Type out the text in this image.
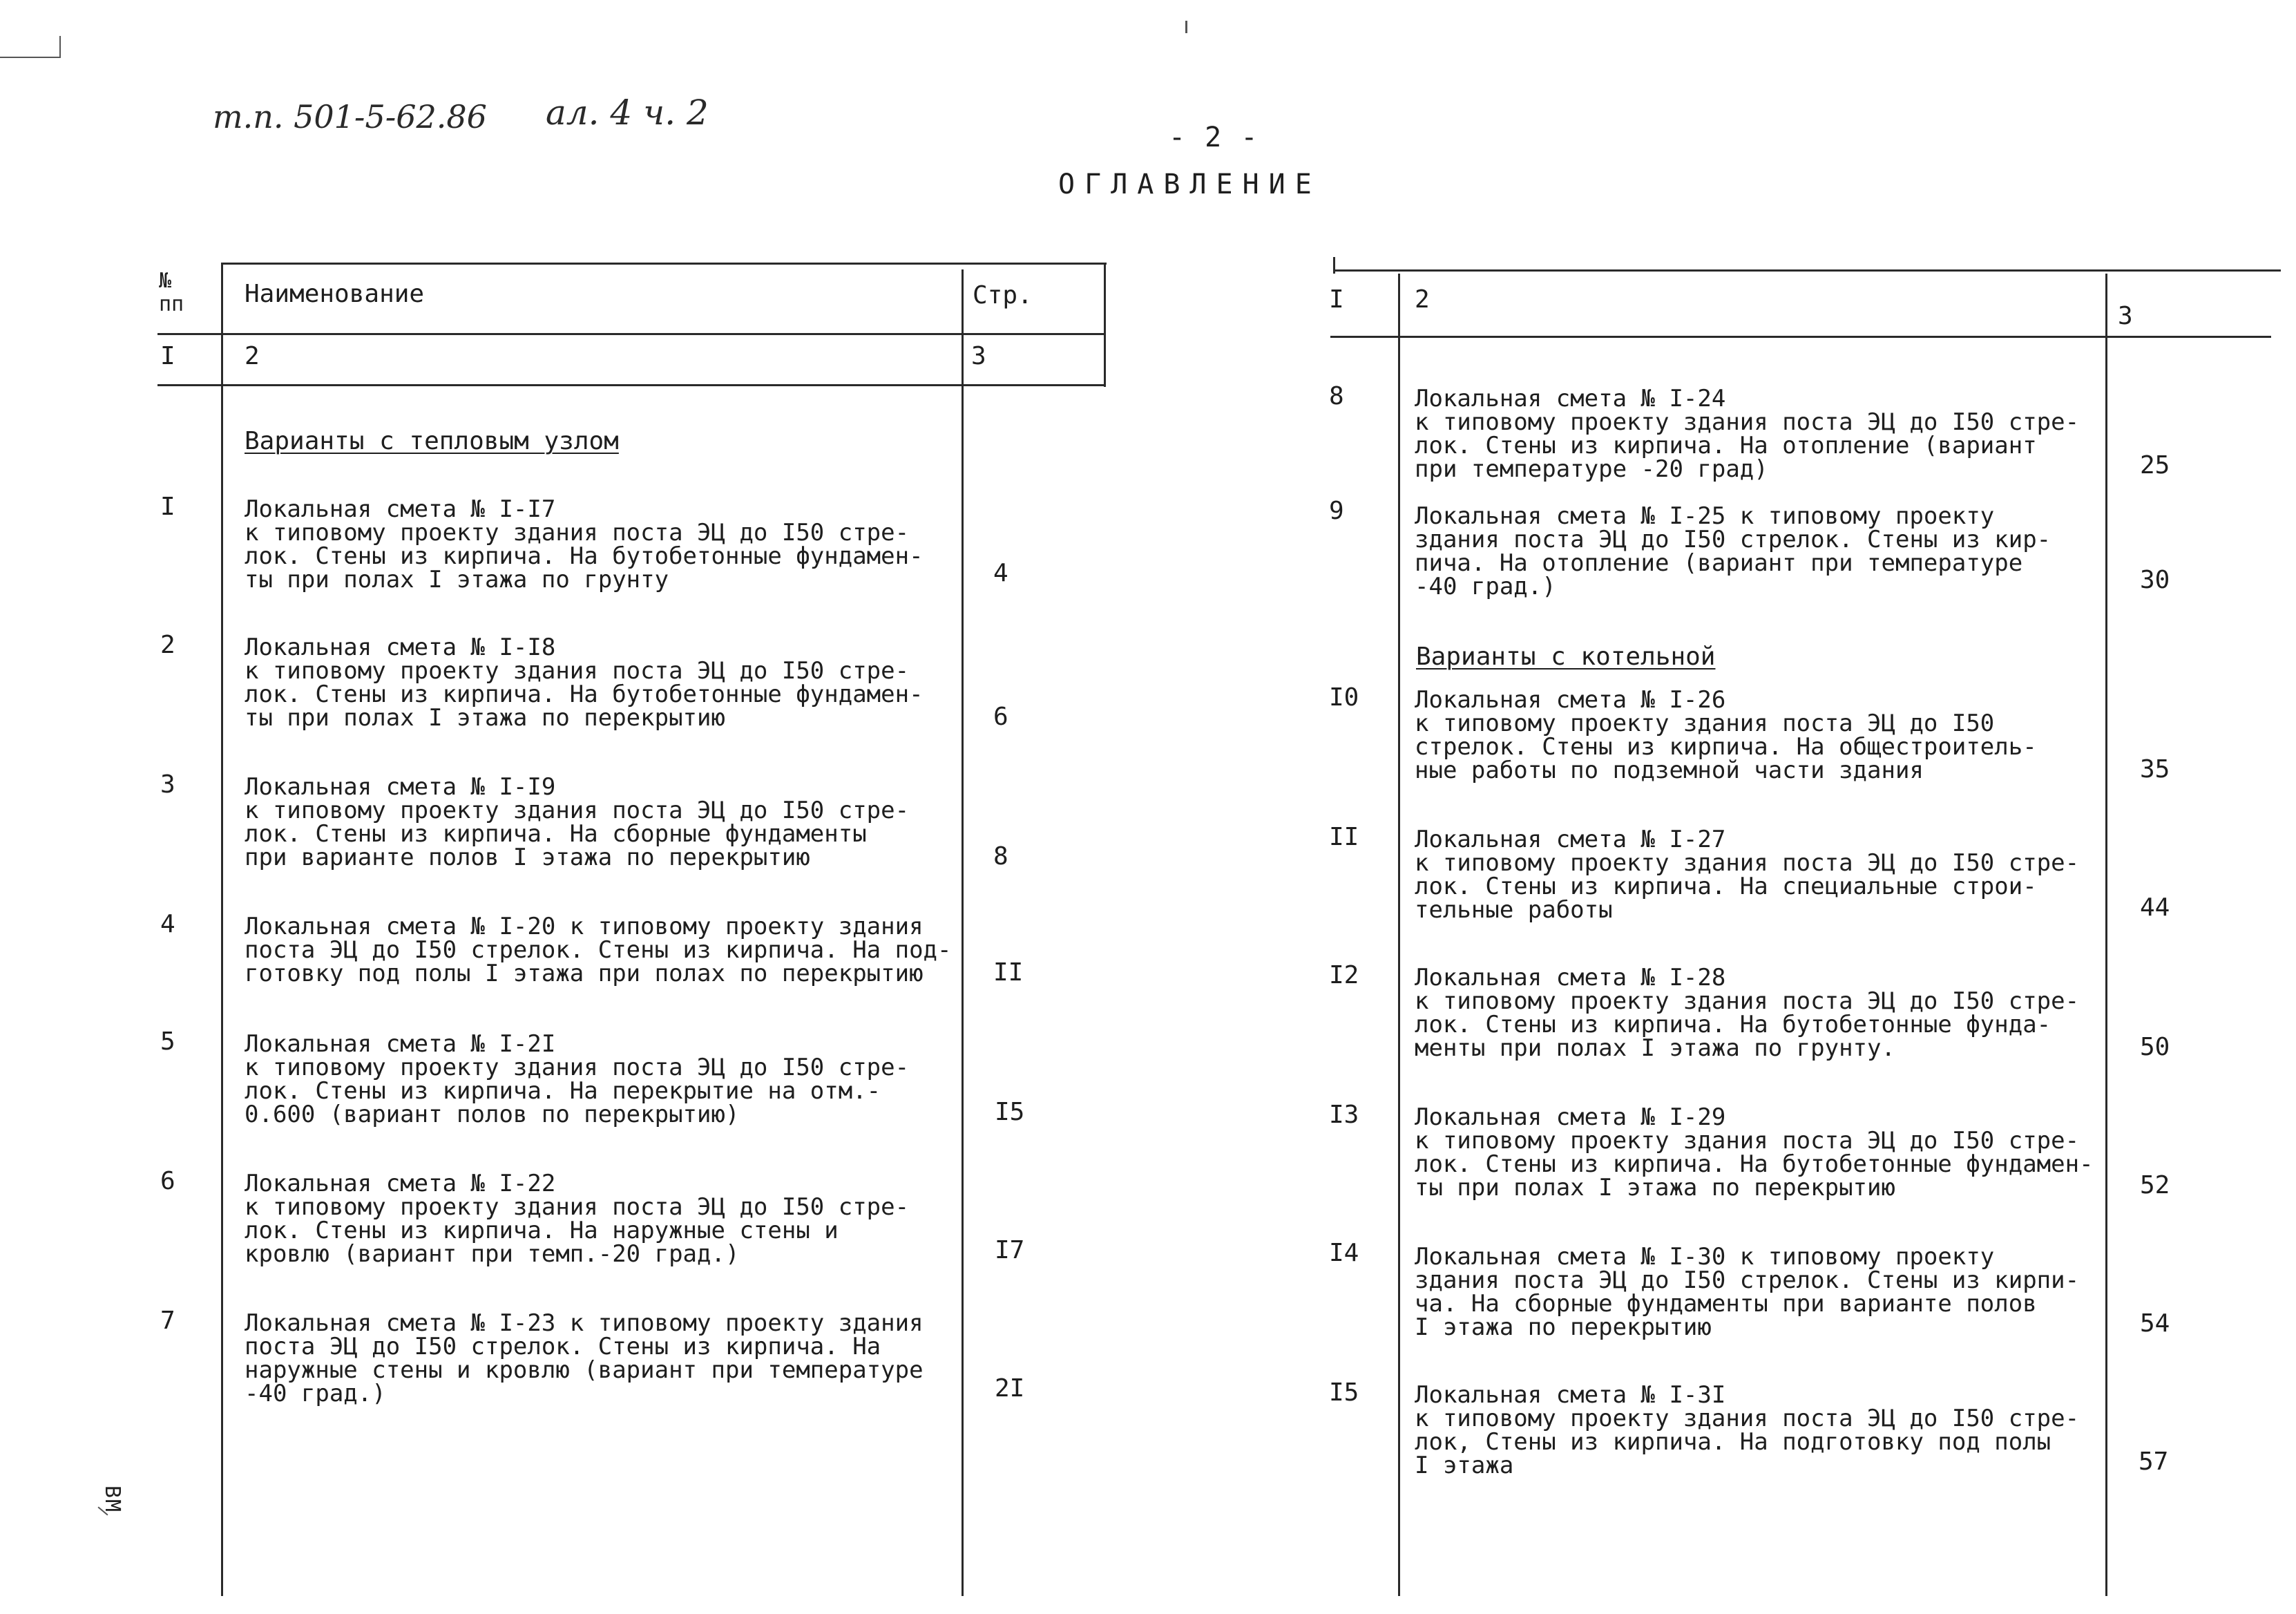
т.п. 501-5-62.86 ал. 4 ч. 2
- 2 -
ОГЛАВЛЕНИЕ
№
пп Наименование	Стр.
I	2	3
Варианты с тепловым узлом
I	Локальная смета № I-I7
к типовому проекту здания поста ЭЦ до I50 стре-
лок. Стены из кирпича. На бутобетонные фундамен-
ты при полах I этажа по грунту	4
2	Локальная смета № I-I8
к типовому проекту здания поста ЭЦ до I50 стре-
лок. Стены из кирпича. На бутобетонные фундамен-
ты при полах I этажа по перекрытию	6
3	Локальная смета № I-I9
к типовому проекту здания поста ЭЦ до I50 стре-
лок. Стены из кирпича. На сборные фундаменты
при варианте полов I этажа по перекрытию	8
4	Локальная смета № I-20 к типовому проекту здания
поста ЭЦ до I50 стрелок. Стены из кирпича. На под-
готовку под полы I этажа при полах по перекрытию	II
5	Локальная смета № I-2I
к типовому проекту здания поста ЭЦ до I50 стре-
лок. Стены из кирпича. На перекрытие на отм.-
0.600 (вариант полов по перекрытию)	I5
6	Локальная смета № I-22
к типовому проекту здания поста ЭЦ до I50 стре-
лок. Стены из кирпича. На наружные стены и
кровлю (вариант при темп.-20 град.)	I7
7	Локальная смета № I-23 к типовому проекту здания
поста ЭЦ до I50 стрелок. Стены из кирпича. На
наружные стены и кровлю (вариант при температуре
-40 град.)	2I
I	2
3
Варианты с котельной
8	Локальная смета № I-24
к типовому проекту здания поста ЭЦ до I50 стре-
лок. Стены из кирпича. На отопление (вариант
при температуре -20 град)	25
9	Локальная смета № I-25 к типовому проекту
здания поста ЭЦ до I50 стрелок. Стены из кир-
пича. На отопление (вариант при температуре
-40 град.)	30
I0 Локальная смета № I-26
к типовому проекту здания поста ЭЦ до I50
стрелок. Стены из кирпича. На общестроитель-
ные работы по подземной части здания	35
II Локальная смета № I-27
к типовому проекту здания поста ЭЦ до I50 стре-
лок. Стены из кирпича. На специальные строи-
тельные работы	44
I2 Локальная смета № I-28
к типовому проекту здания поста ЭЦ до I50 стре-
лок. Стены из кирпича. На бутобетонные фунда-
менты при полах I этажа по грунту.	50
I3 Локальная смета № I-29
к типовому проекту здания поста ЭЦ до I50 стре-
лок. Стены из кирпича. На бутобетонные фундамен-
ты при полах I этажа по перекрытию	52
I4 Локальная смета № I-30 к типовому проекту
здания поста ЭЦ до I50 стрелок. Стены из кирпи-
ча. На сборные фундаменты при варианте полов
I этажа по перекрытию	54
I5 Локальная смета № I-3I
к типовому проекту здания поста ЭЦ до I50 стре-
лок, Стены из кирпича. На подготовку под полы
I этажа	57
ВМ
